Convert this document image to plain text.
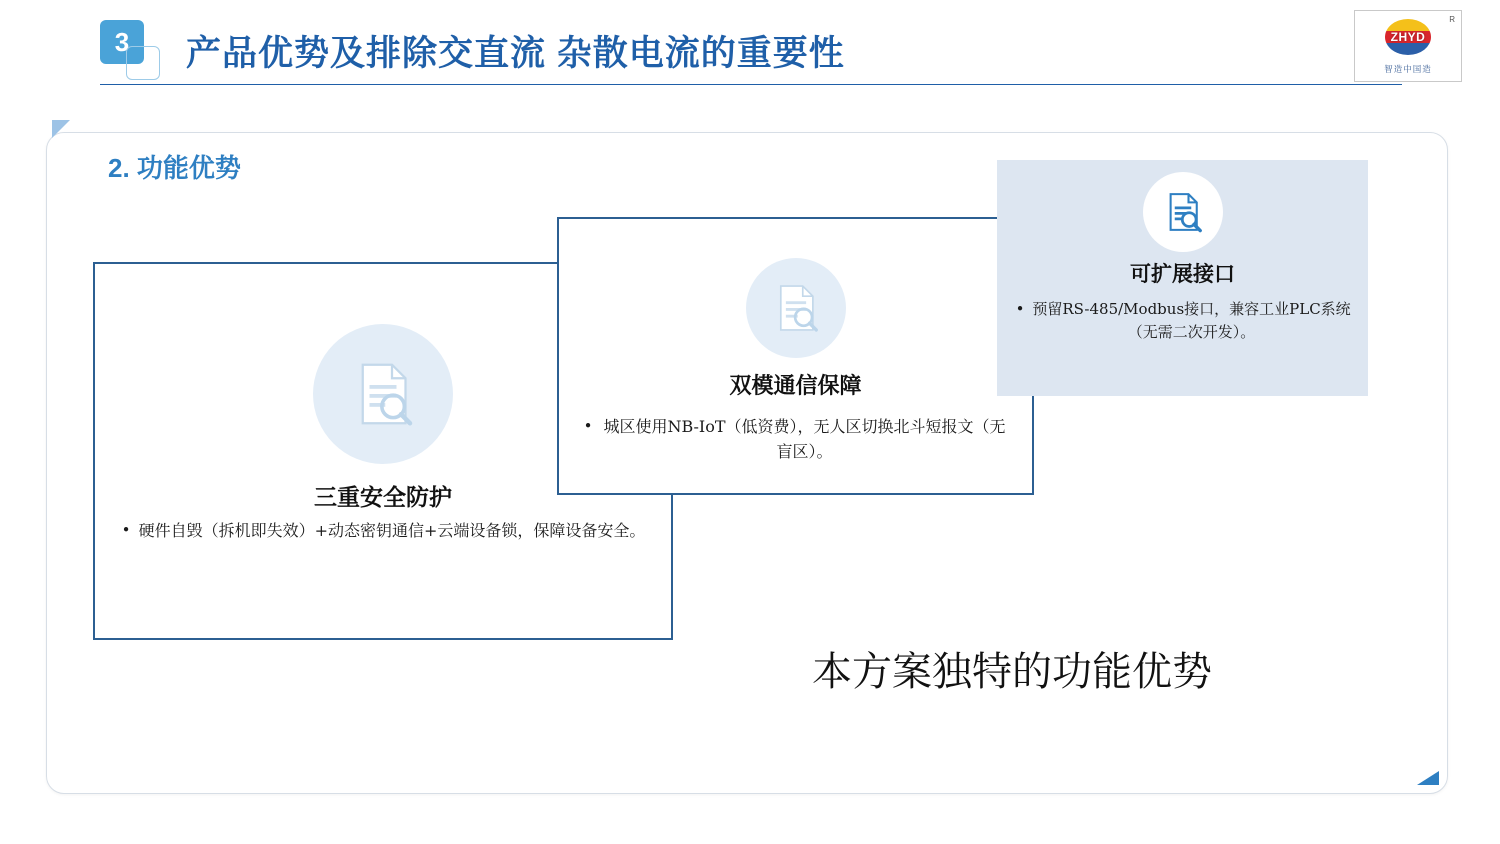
3	产品优势及排除交直流 杂散电流的重要性	ZHYD
R
智造中国造
2. 功能优势
三重安全防护
• 硬件自毁（拆机即失效）+动态密钥通信+云端设备锁，保障设备安全。
双模通信保障
• 城区使用NB-IoT（低资费），无人区切换北斗短报文（无盲区）。
可扩展接口
• 预留RS-485/Modbus接口，兼容工业PLC系统（无需二次开发）。
本方案独特的功能优势
